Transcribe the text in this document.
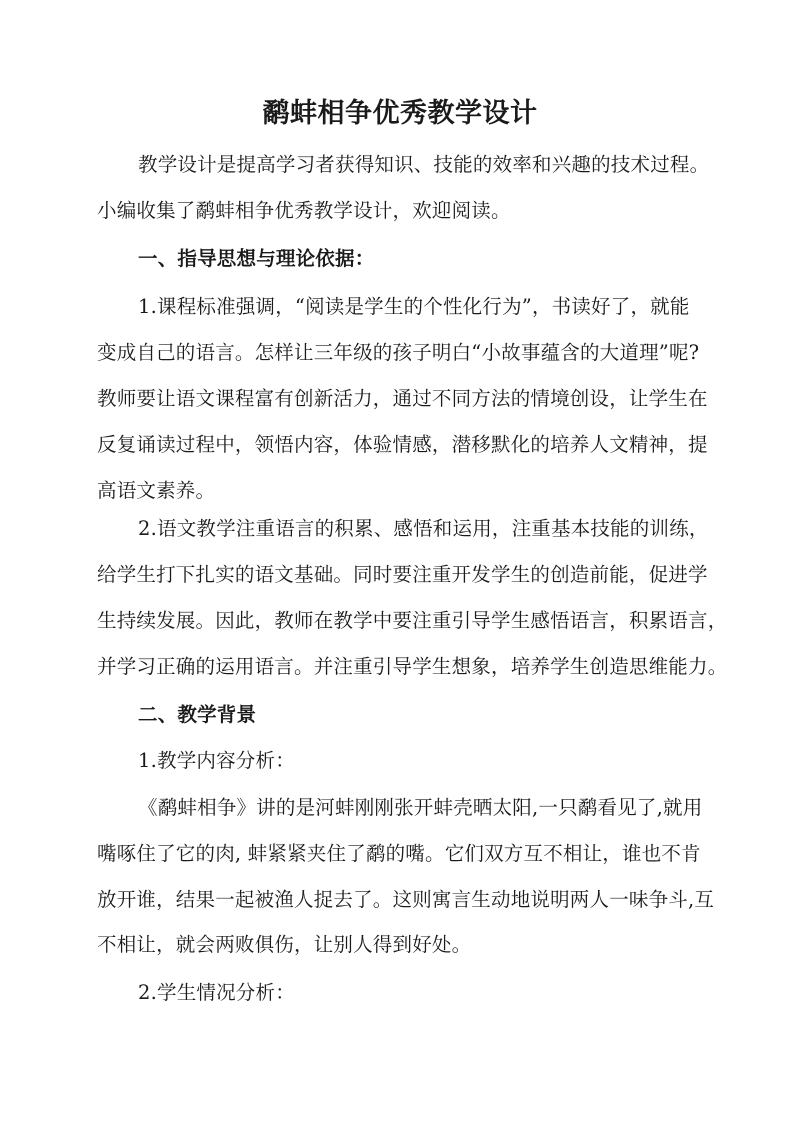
鹬蚌相争优秀教学设计

教学设计是提高学习者获得知识、技能的效率和兴趣的技术过程。

小编收集了鹬蚌相争优秀教学设计，欢迎阅读。

一、指导思想与理论依据：

1.课程标准强调，“阅读是学生的个性化行为”，书读好了，就能

变成自己的语言。怎样让三年级的孩子明白“小故事蕴含的大道理”呢?

教师要让语文课程富有创新活力，通过不同方法的情境创设，让学生在

反复诵读过程中，领悟内容，体验情感，潜移默化的培养人文精神，提

高语文素养。

2.语文教学注重语言的积累、感悟和运用，注重基本技能的训练，

给学生打下扎实的语文基础。同时要注重开发学生的创造前能，促进学

生持续发展。因此，教师在教学中要注重引导学生感悟语言，积累语言，

并学习正确的运用语言。并注重引导学生想象，培养学生创造思维能力。

二、教学背景

1.教学内容分析：

《鹬蚌相争》讲的是河蚌刚刚张开蚌壳晒太阳,一只鹬看见了,就用

嘴啄住了它的肉, 蚌紧紧夹住了鹬的嘴。它们双方互不相让，谁也不肯

放开谁，结果一起被渔人捉去了。这则寓言生动地说明两人一味争斗,互

不相让，就会两败俱伤，让别人得到好处。

2.学生情况分析：
